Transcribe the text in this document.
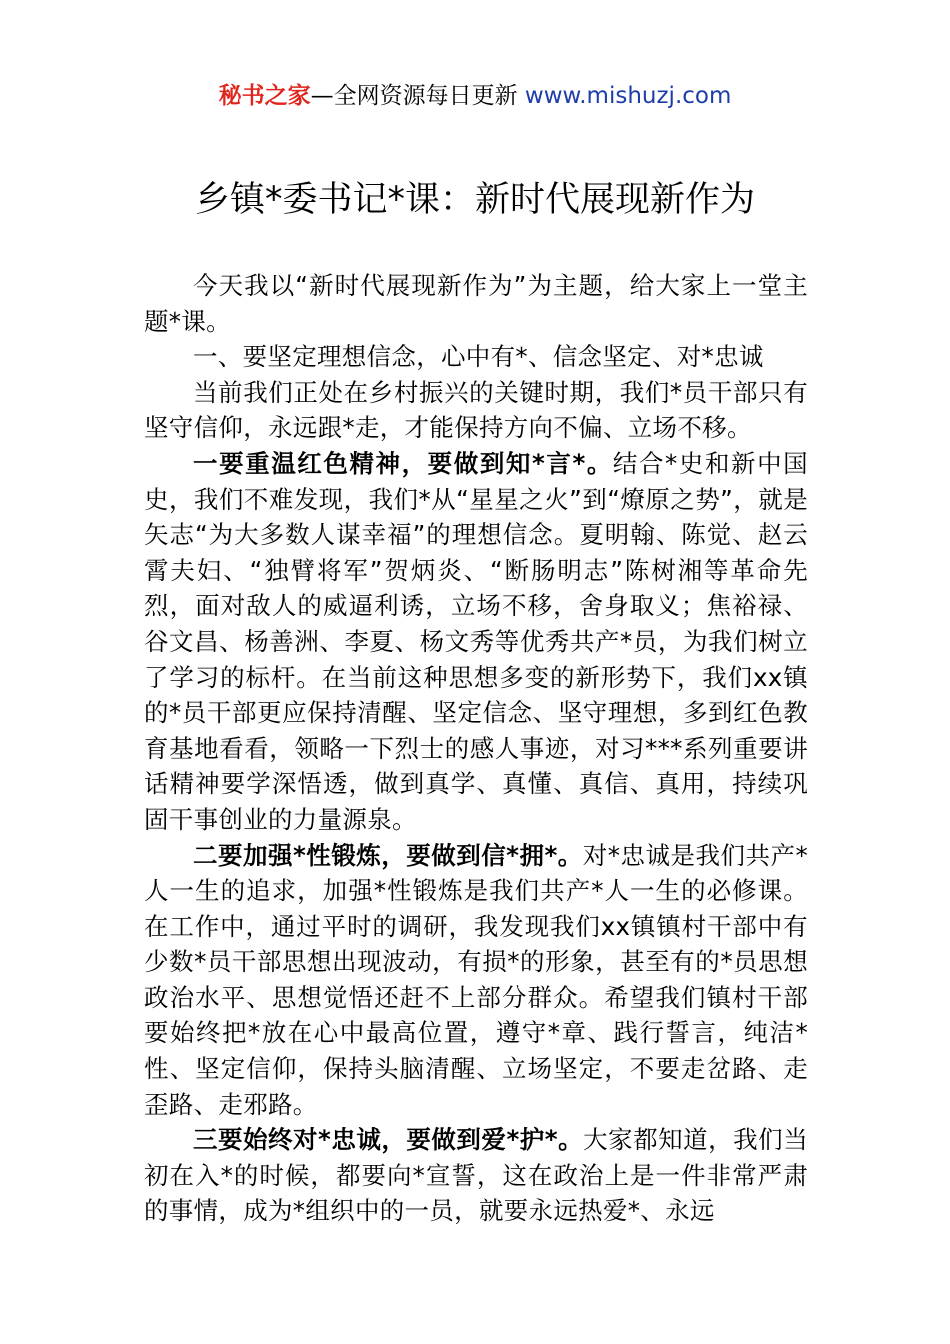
秘书之家—全网资源每日更新 www.mishuzj.com
乡镇*委书记*课：新时代展现新作为

今天我以“新时代展现新作为”为主题，给大家上一堂主题*课。

一、要坚定理想信念，心中有*、信念坚定、对*忠诚

当前我们正处在乡村振兴的关键时期，我们*员干部只有坚守信仰，永远跟*走，才能保持方向不偏、立场不移。

一要重温红色精神，要做到知*言*。结合*史和新中国史，我们不难发现，我们*从“星星之火”到“燎原之势”，就是矢志“为大多数人谋幸福”的理想信念。夏明翰、陈觉、赵云霄夫妇、“独臂将军”贺炳炎、“断肠明志”陈树湘等革命先烈，面对敌人的威逼利诱，立场不移，舍身取义；焦裕禄、谷文昌、杨善洲、李夏、杨文秀等优秀共产*员，为我们树立了学习的标杆。在当前这种思想多变的新形势下，我们xx镇的*员干部更应保持清醒、坚定信念、坚守理想，多到红色教育基地看看，领略一下烈士的感人事迹，对习***系列重要讲话精神要学深悟透，做到真学、真懂、真信、真用，持续巩固干事创业的力量源泉。

二要加强*性锻炼，要做到信*拥*。对*忠诚是我们共产*人一生的追求，加强*性锻炼是我们共产*人一生的必修课。在工作中，通过平时的调研，我发现我们xx镇镇村干部中有少数*员干部思想出现波动，有损*的形象，甚至有的*员思想政治水平、思想觉悟还赶不上部分群众。希望我们镇村干部要始终把*放在心中最高位置，遵守*章、践行誓言，纯洁*性、坚定信仰，保持头脑清醒、立场坚定，不要走岔路、走歪路、走邪路。

三要始终对*忠诚，要做到爱*护*。大家都知道，我们当初在入*的时候，都要向*宣誓，这在政治上是一件非常严肃的事情，成为*组织中的一员，就要永远热爱*、永远
